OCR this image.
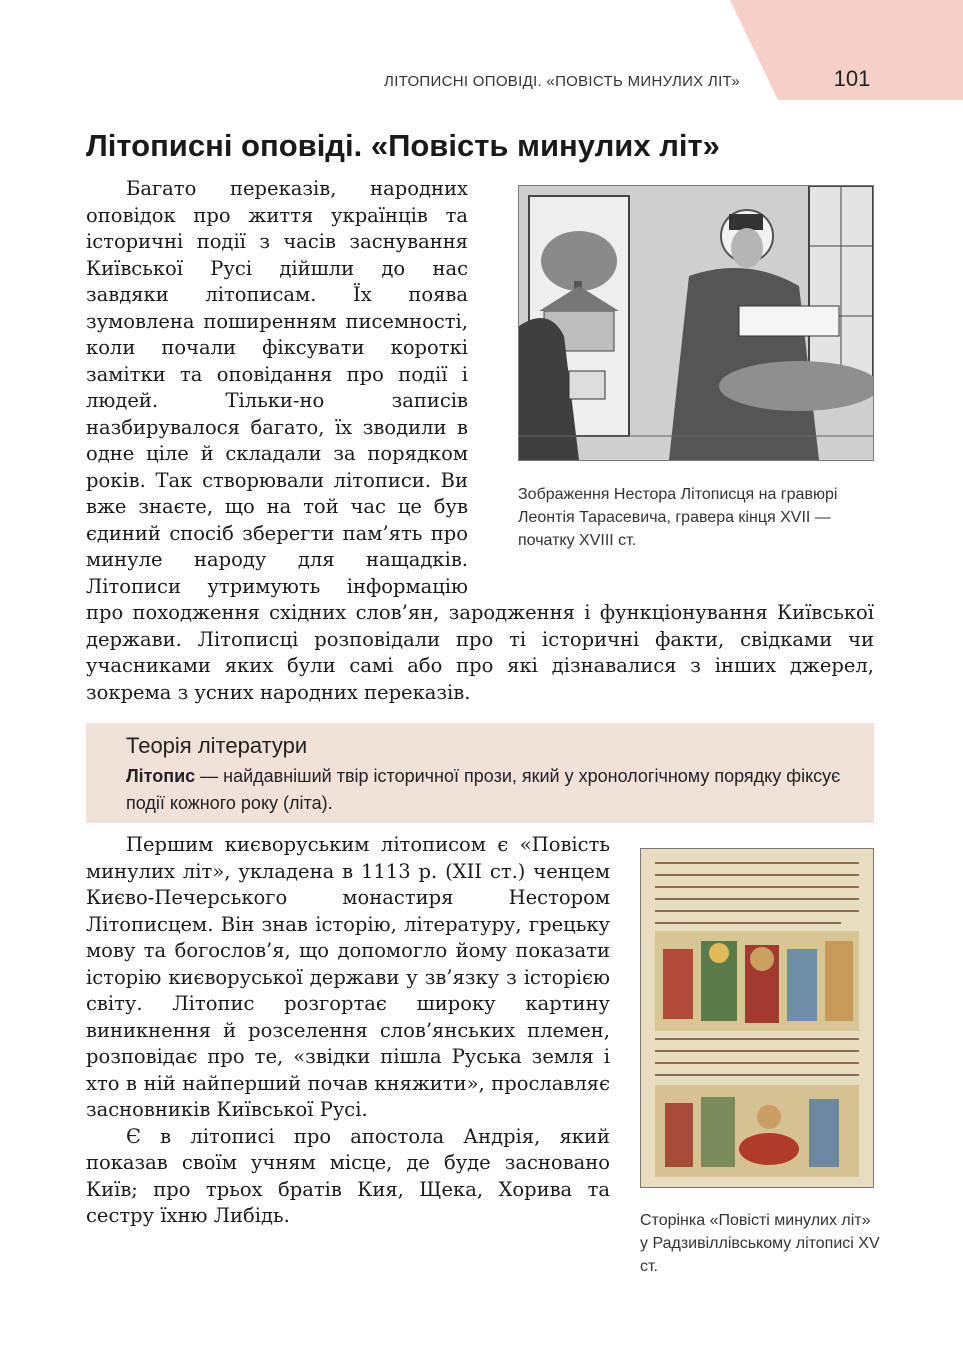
ЛІТОПИСНІ ОПОВІДІ. «ПОВІСТЬ МИНУЛИХ ЛІТ»	101
Літописні оповіді. «Повість минулих літ»

Багато переказів, народних оповідок про життя українців та історичні події з часів заснування Київської Русі дійшли до нас завдяки літописам. Їх поява зумовлена поширенням писемності, коли почали фіксувати короткі замітки та оповідання про події і людей. Тільки-но записів назбирувалося багато, їх зводили в одне ціле й складали за порядком років. Так створювали літописи. Ви вже знаєте, що на той час це був єдиний спосіб зберегти пам’ять про минуле народу для нащадків. Літописи утримують інформацію про походження східних слов’ян, зародження і функціонування Київської держави. Літописці розповідали про ті історичні факти, свідками чи учасниками яких були самі або про які дізнавалися з інших джерел, зокрема з усних народних переказів.

Зображення Нестора Літописця на гравюрі Леонтія Тарасевича, гравера кінця XVII — початку XVIII ст.
Теорія літератури
Літопис — найдавніший твір історичної прози, який у хронологічному порядку фіксує події кожного року (літа).

Першим києворуським літописом є «Повість минулих літ», укладена в 1113 р. (XII ст.) ченцем Києво-Печерського монастиря Нестором Літописцем. Він знав історію, літературу, грецьку мову та богослов’я, що допомогло йому показати історію києворуської держави у зв’язку з історією світу. Літопис розгортає широку картину виникнення й розселення слов’янських племен, розповідає про те, «звідки пішла Руська земля і хто в ній найперший почав княжити», прославляє засновників Київської Русі.

Є в літописі про апостола Андрія, який показав своїм учням місце, де буде засновано Київ; про трьох братів Кия, Щека, Хорива та сестру їхню Либідь.	Сторінка «Повісті минулих літ» у Радзивіллівському літописі XV ст.
